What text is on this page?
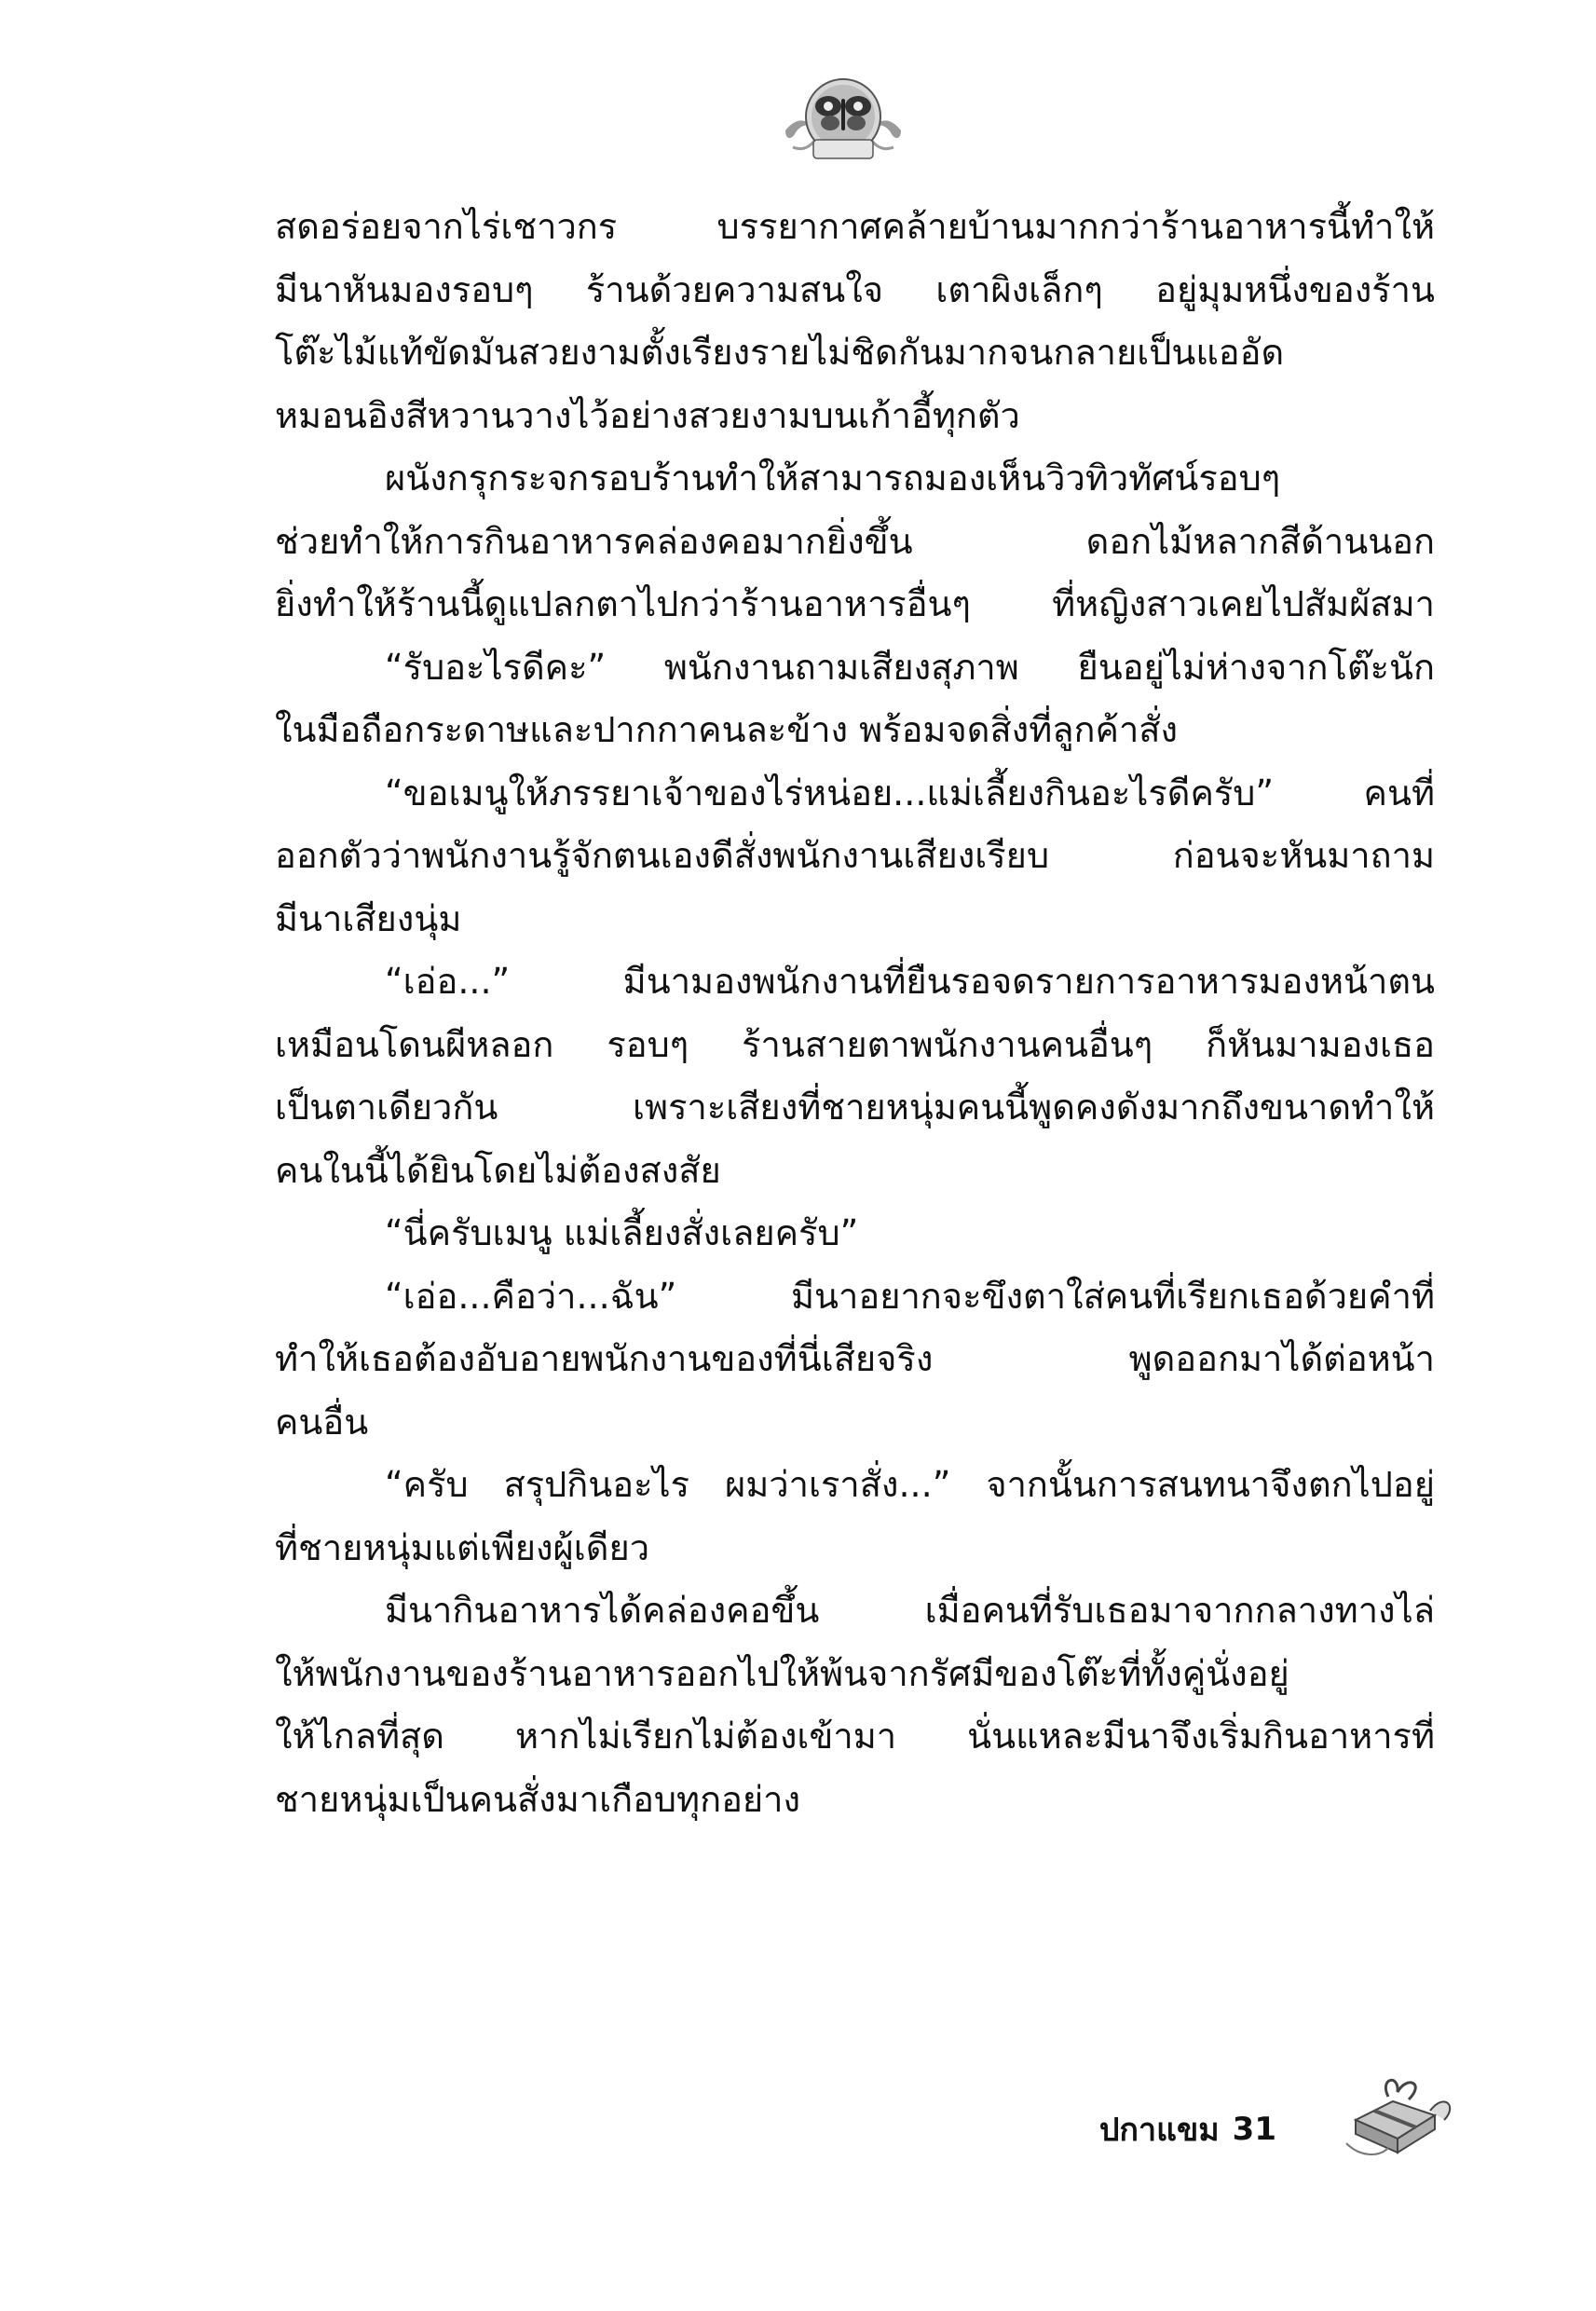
สดอร่อยจากไร่เชาวกร บรรยากาศคล้ายบ้านมากกว่าร้านอาหารนี้ทำให้
มีนาหันมองรอบๆ ร้านด้วยความสนใจ เตาผิงเล็กๆ อยู่มุมหนึ่งของร้าน
โต๊ะไม้แท้ขัดมันสวยงามตั้งเรียงรายไม่ชิดกันมากจนกลายเป็นแออัด
หมอนอิงสีหวานวางไว้อย่างสวยงามบนเก้าอี้ทุกตัว
ผนังกรุกระจกรอบร้านทำให้สามารถมองเห็นวิวทิวทัศน์รอบๆ
ช่วยทำให้การกินอาหารคล่องคอมากยิ่งขึ้น ดอกไม้หลากสีด้านนอก
ยิ่งทำให้ร้านนี้ดูแปลกตาไปกว่าร้านอาหารอื่นๆ ที่หญิงสาวเคยไปสัมผัสมา
“รับอะไรดีคะ” พนักงานถามเสียงสุภาพ ยืนอยู่ไม่ห่างจากโต๊ะนัก
ในมือถือกระดาษและปากกาคนละข้าง พร้อมจดสิ่งที่ลูกค้าสั่ง
“ขอเมนูให้ภรรยาเจ้าของไร่หน่อย...แม่เลี้ยงกินอะไรดีครับ” คนที่
ออกตัวว่าพนักงานรู้จักตนเองดีสั่งพนักงานเสียงเรียบ ก่อนจะหันมาถาม
มีนาเสียงนุ่ม
“เอ่อ...” มีนามองพนักงานที่ยืนรอจดรายการอาหารมองหน้าตน
เหมือนโดนผีหลอก รอบๆ ร้านสายตาพนักงานคนอื่นๆ ก็หันมามองเธอ
เป็นตาเดียวกัน เพราะเสียงที่ชายหนุ่มคนนี้พูดคงดังมากถึงขนาดทำให้
คนในนี้ได้ยินโดยไม่ต้องสงสัย
“นี่ครับเมนู แม่เลี้ยงสั่งเลยครับ”
“เอ่อ...คือว่า...ฉัน” มีนาอยากจะขึงตาใส่คนที่เรียกเธอด้วยคำที่
ทำให้เธอต้องอับอายพนักงานของที่นี่เสียจริง พูดออกมาได้ต่อหน้า
คนอื่น
“ครับ สรุปกินอะไร ผมว่าเราสั่ง...” จากนั้นการสนทนาจึงตกไปอยู่
ที่ชายหนุ่มแต่เพียงผู้เดียว
มีนากินอาหารได้คล่องคอขึ้น เมื่อคนที่รับเธอมาจากกลางทางไล่
ให้พนักงานของร้านอาหารออกไปให้พ้นจากรัศมีของโต๊ะที่ทั้งคู่นั่งอยู่
ให้ไกลที่สุด หากไม่เรียกไม่ต้องเข้ามา นั่นแหละมีนาจึงเริ่มกินอาหารที่
ชายหนุ่มเป็นคนสั่งมาเกือบทุกอย่าง
ปกาแขม 31
